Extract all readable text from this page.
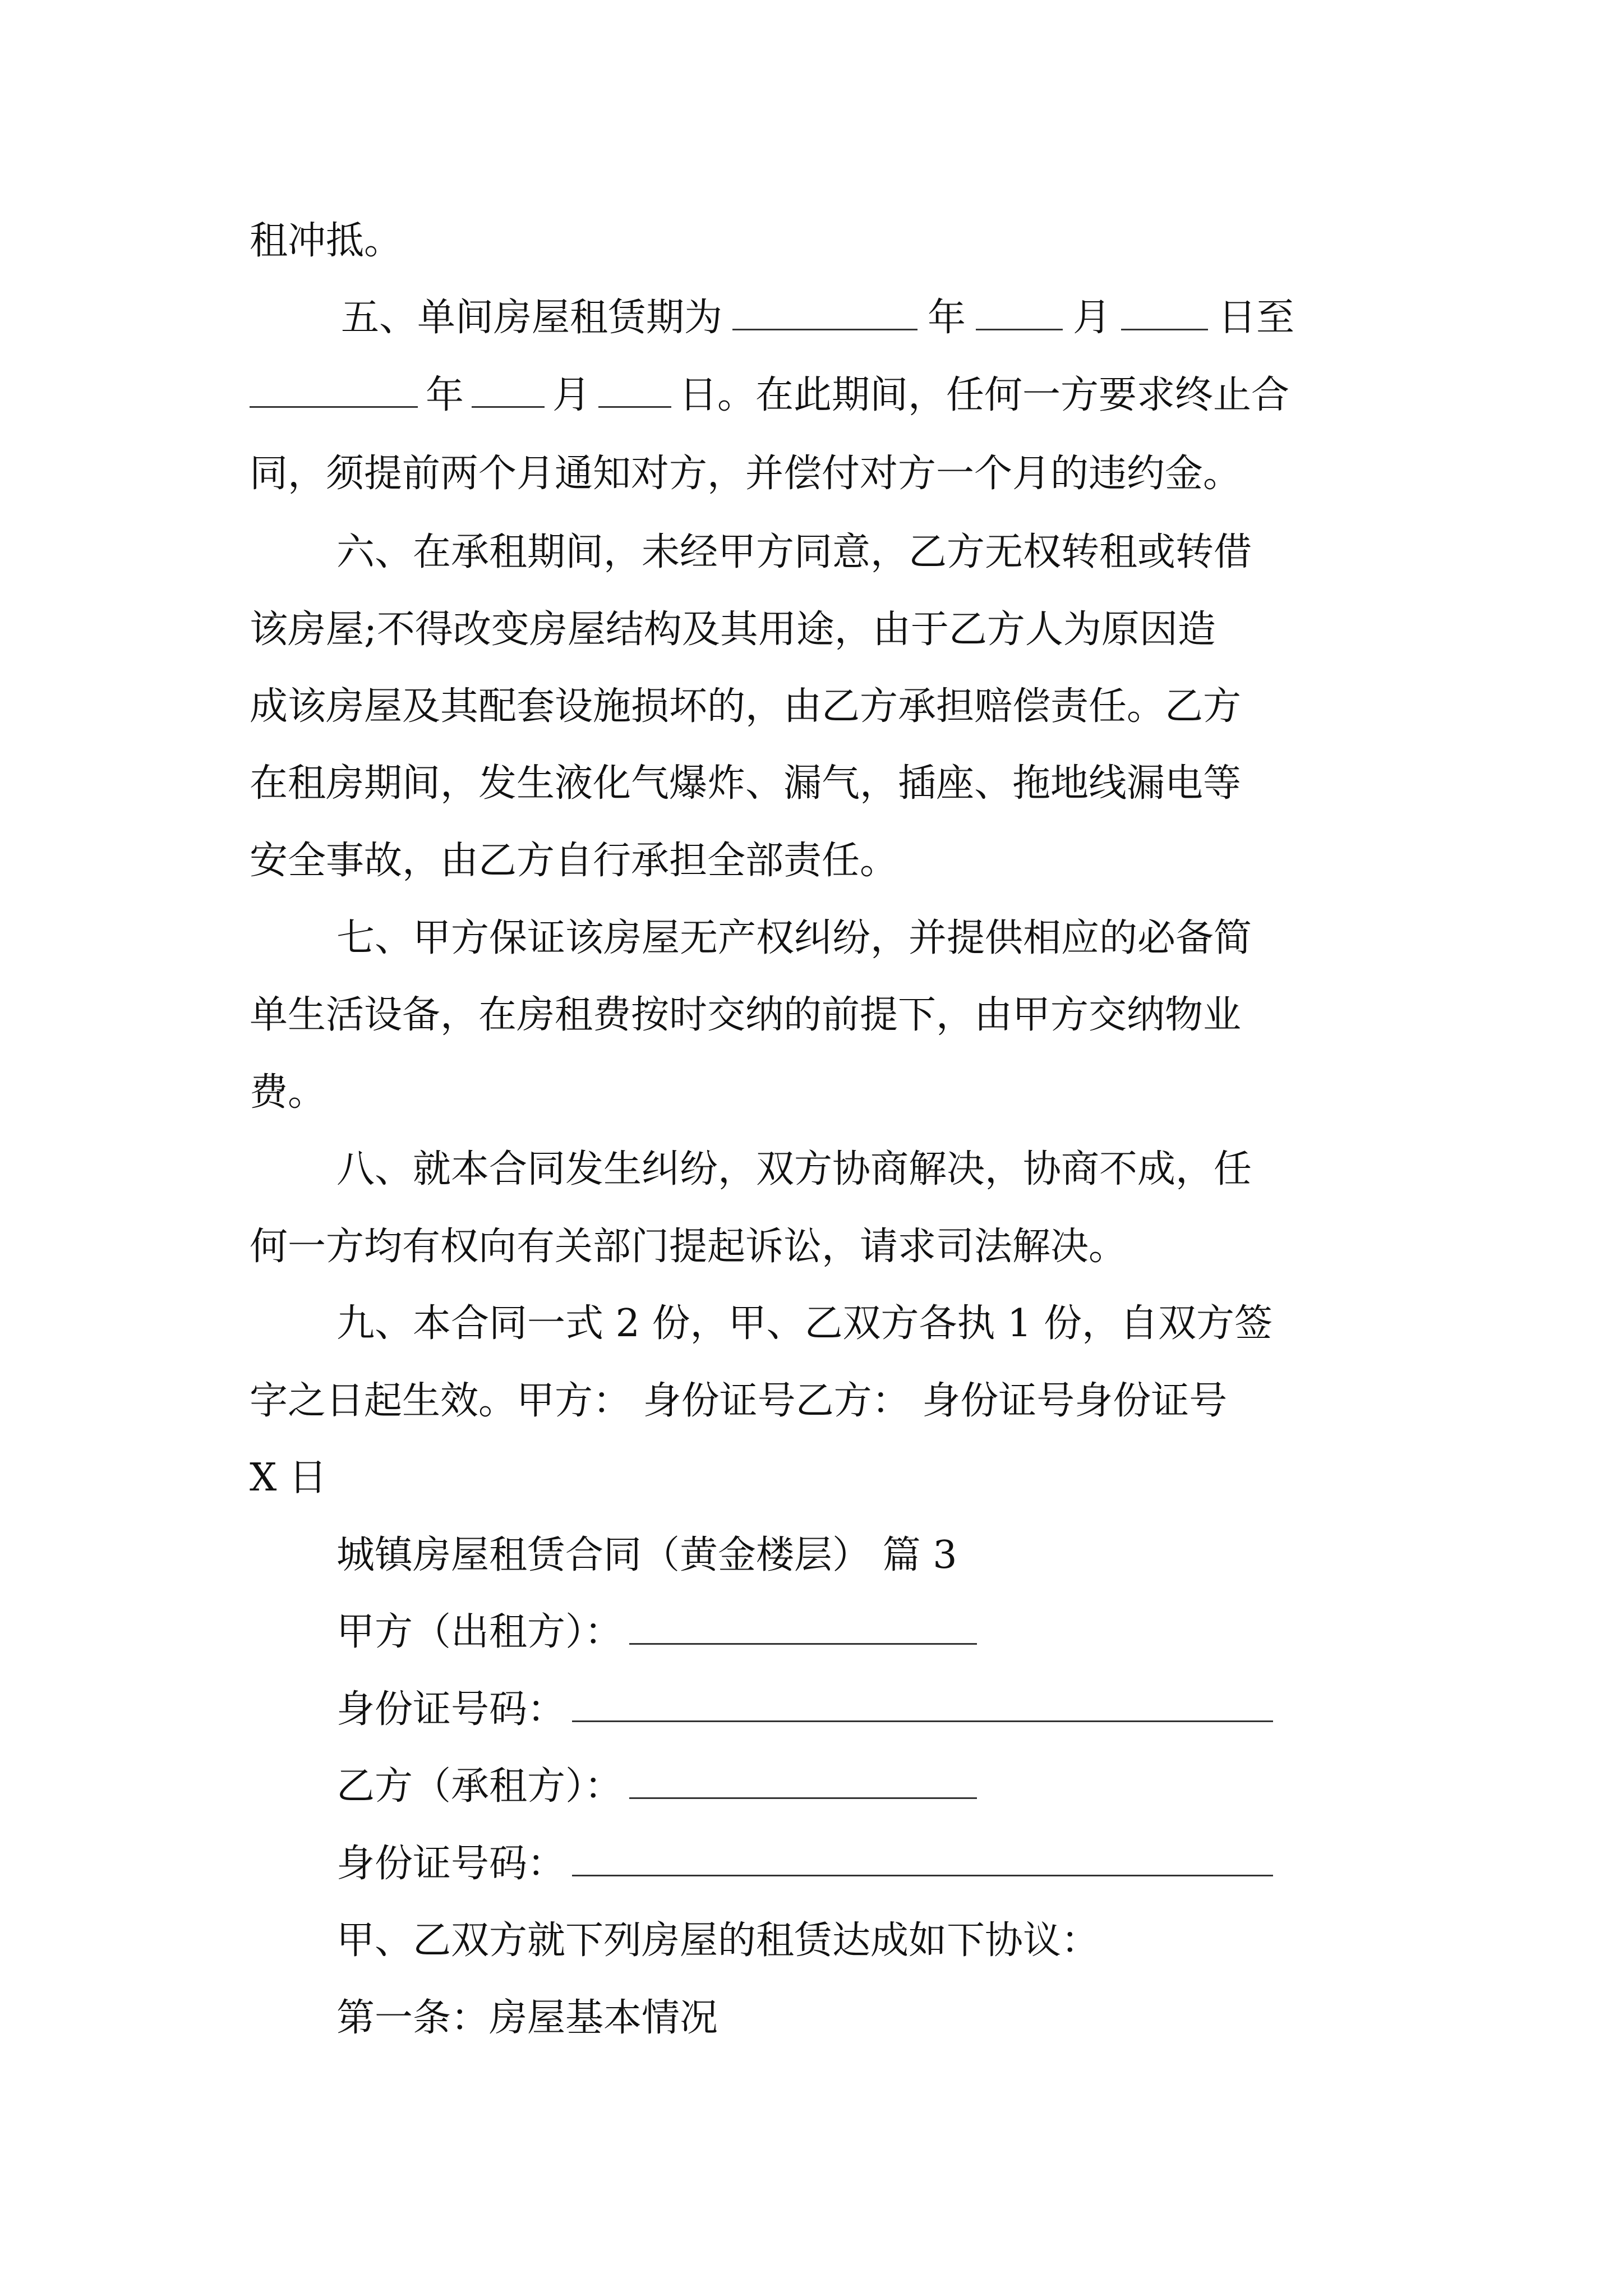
租冲抵。
五、单间房屋租赁期为	年	月	日至
年 月 日。在此期间，任何一方要求终止合
同，须提前两个月通知对方，并偿付对方一个月的违约金。
六、在承租期间，未经甲方同意，乙方无权转租或转借
该房屋;不得改变房屋结构及其用途，由于乙方人为原因造
成该房屋及其配套设施损坏的，由乙方承担赔偿责任。乙方
在租房期间，发生液化气爆炸、漏气，插座、拖地线漏电等
安全事故，由乙方自行承担全部责任。
七、甲方保证该房屋无产权纠纷，并提供相应的必备简
单生活设备，在房租费按时交纳的前提下，由甲方交纳物业
费。
八、就本合同发生纠纷，双方协商解决，协商不成，任
何一方均有权向有关部门提起诉讼，请求司法解决。
九、本合同一式 2 份，甲、乙双方各执 1 份，自双方签
字之日起生效。甲方： 身份证号乙方： 身份证号身份证号
X 日
城镇房屋租赁合同（黄金楼层） 篇 3
甲方（出租方）：
身份证号码：
乙方（承租方）：
身份证号码：
甲、乙双方就下列房屋的租赁达成如下协议：
第一条：房屋基本情况
